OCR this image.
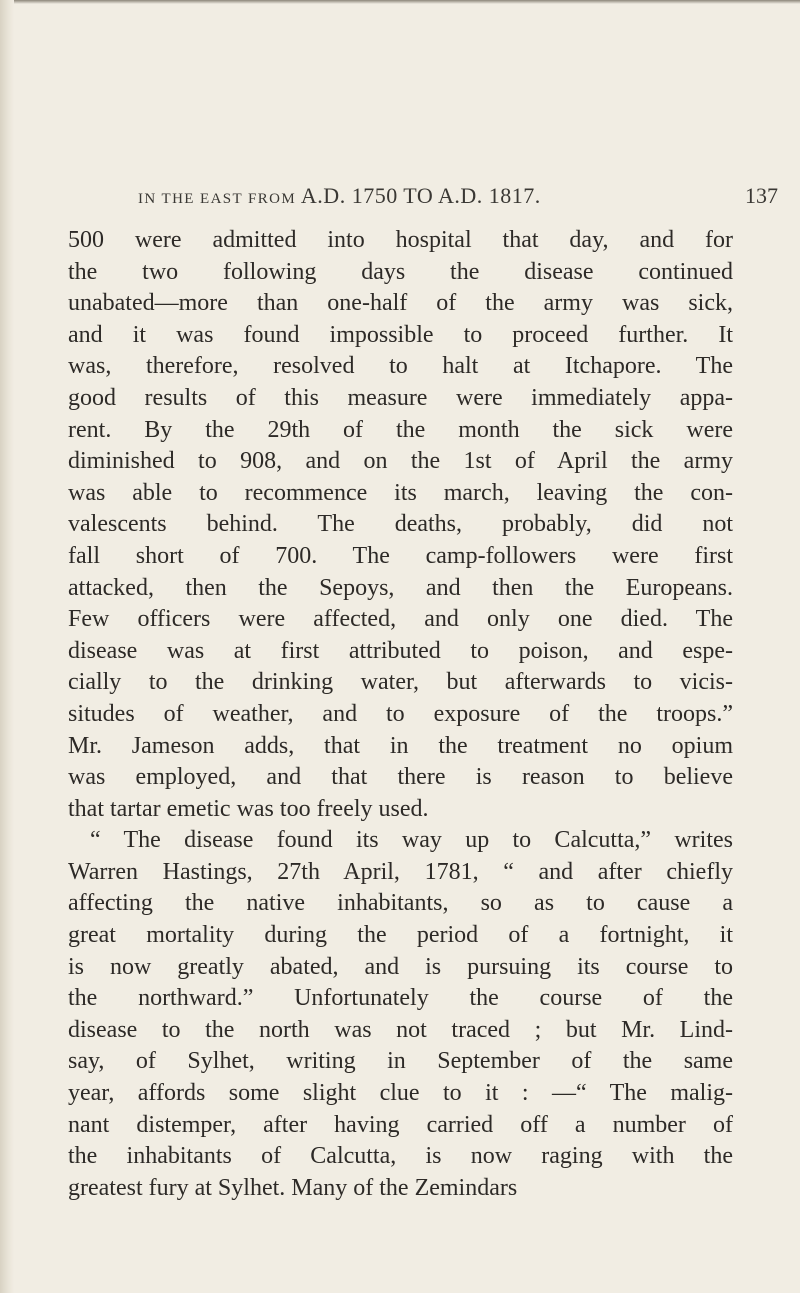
IN THE EAST FROM A.D. 1750 TO A.D. 1817.	137

500 were admitted into hospital that day, and for

the two following days the disease continued

unabated—more than one-half of the army was sick,

and it was found impossible to proceed further. It

was, therefore, resolved to halt at Itchapore. The

good results of this measure were immediately appa-

rent. By the 29th of the month the sick were

diminished to 908, and on the 1st of April the army

was able to recommence its march, leaving the con-

valescents behind. The deaths, probably, did not

fall short of 700. The camp-followers were first

attacked, then the Sepoys, and then the Europeans.

Few officers were affected, and only one died. The

disease was at first attributed to poison, and espe-

cially to the drinking water, but afterwards to vicis-

situdes of weather, and to exposure of the troops.”

Mr. Jameson adds, that in the treatment no opium

was employed, and that there is reason to believe

that tartar emetic was too freely used.

“ The disease found its way up to Calcutta,” writes

Warren Hastings, 27th April, 1781, “ and after chiefly

affecting the native inhabitants, so as to cause a

great mortality during the period of a fortnight, it

is now greatly abated, and is pursuing its course to

the northward.” Unfortunately the course of the

disease to the north was not traced ; but Mr. Lind-

say, of Sylhet, writing in September of the same

year, affords some slight clue to it : —“ The malig-

nant distemper, after having carried off a number of

the inhabitants of Calcutta, is now raging with the

greatest fury at Sylhet. Many of the Zemindars
